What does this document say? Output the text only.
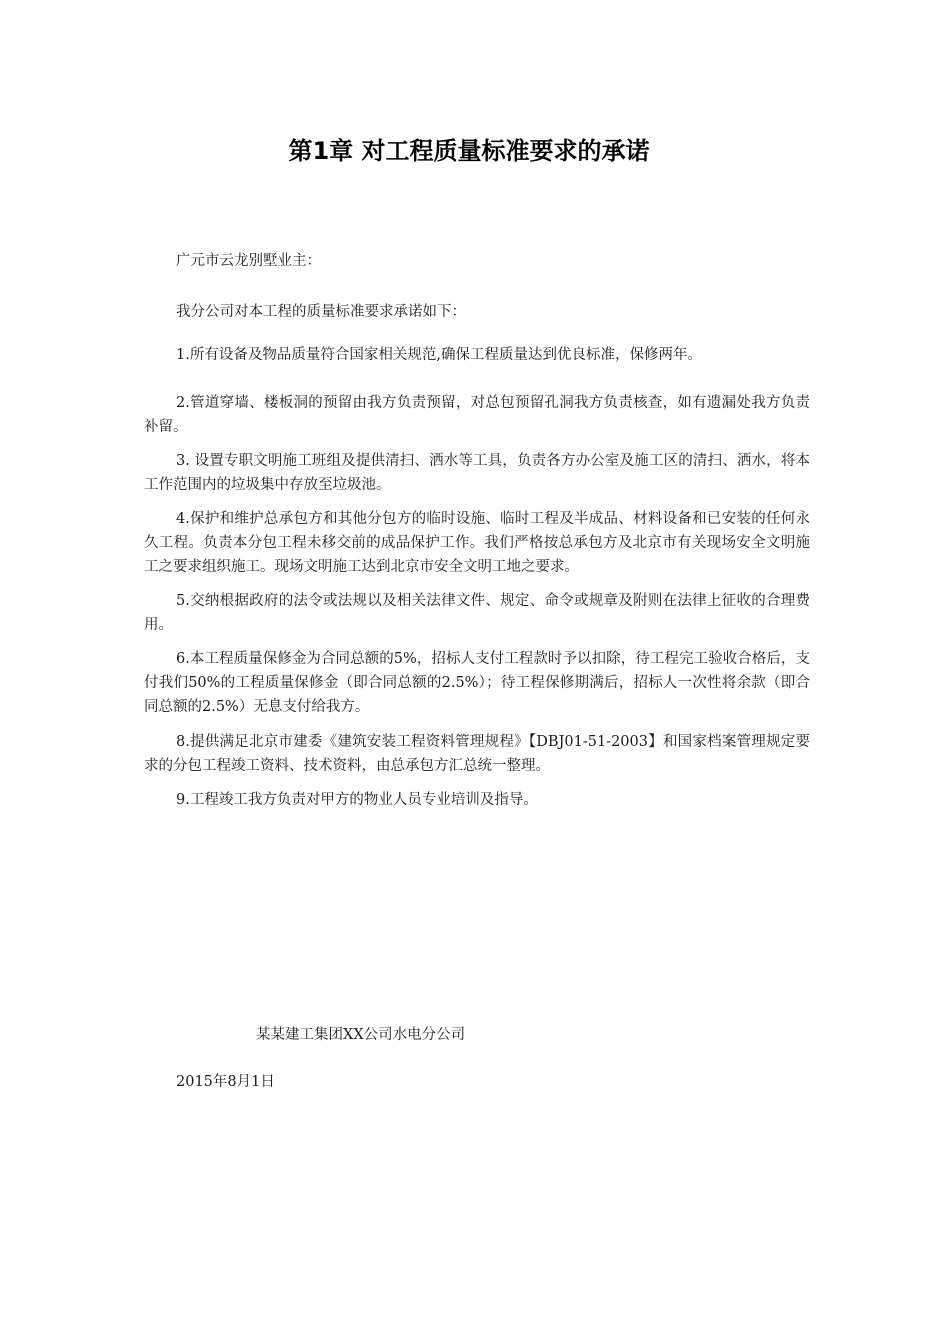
第1章 对工程质量标准要求的承诺

广元市云龙别墅业主：

我分公司对本工程的质量标准要求承诺如下：

1.所有设备及物品质量符合国家相关规范,确保工程质量达到优良标准，保修两年。

2.管道穿墙、楼板洞的预留由我方负责预留，对总包预留孔洞我方负责核查，如有遗漏处我方负责补留。

3. 设置专职文明施工班组及提供清扫、洒水等工具，负责各方办公室及施工区的清扫、洒水，将本工作范围内的垃圾集中存放至垃圾池。

4.保护和维护总承包方和其他分包方的临时设施、临时工程及半成品、材料设备和已安装的任何永久工程。负责本分包工程未移交前的成品保护工作。我们严格按总承包方及北京市有关现场安全文明施工之要求组织施工。现场文明施工达到北京市安全文明工地之要求。

5.交纳根据政府的法令或法规以及相关法律文件、规定、命令或规章及附则在法律上征收的合理费用。

6.本工程质量保修金为合同总额的5%，招标人支付工程款时予以扣除，待工程完工验收合格后，支付我们50%的工程质量保修金（即合同总额的2.5%）；待工程保修期满后，招标人一次性将余款（即合同总额的2.5%）无息支付给我方。

8.提供满足北京市建委《建筑安装工程资料管理规程》【DBJ01-51-2003】和国家档案管理规定要求的分包工程竣工资料、技术资料，由总承包方汇总统一整理。

9.工程竣工我方负责对甲方的物业人员专业培训及指导。

某某建工集团XX公司水电分公司

2015年8月1日
